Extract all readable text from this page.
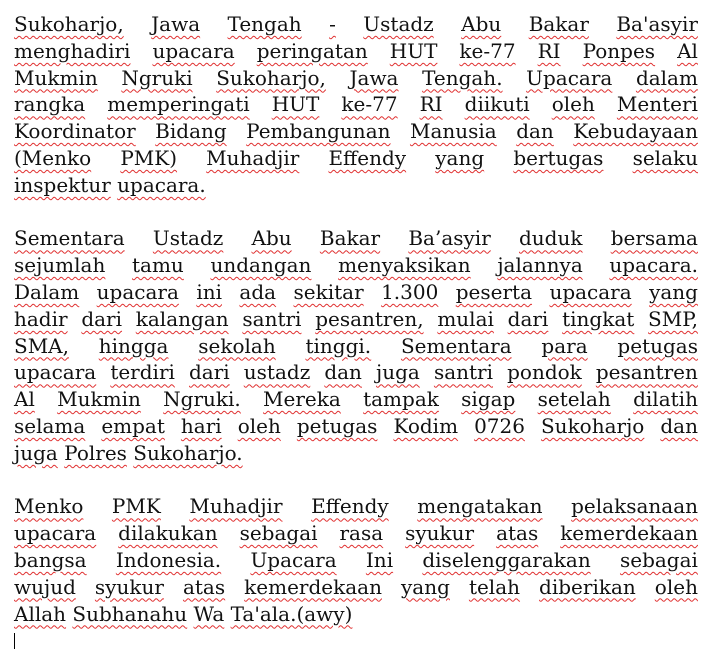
Sukoharjo, Jawa Tengah - Ustadz Abu Bakar Ba'asyir
menghadiri upacara peringatan HUT ke-77 RI Ponpes Al
Mukmin Ngruki Sukoharjo, Jawa Tengah. Upacara dalam
rangka memperingati HUT ke-77 RI diikuti oleh Menteri
Koordinator Bidang Pembangunan Manusia dan Kebudayaan
(Menko PMK) Muhadjir Effendy yang bertugas selaku
inspektur upacara.

Sementara Ustadz Abu Bakar Ba’asyir duduk bersama
sejumlah tamu undangan menyaksikan jalannya upacara.
Dalam upacara ini ada sekitar 1.300 peserta upacara yang
hadir dari kalangan santri pesantren, mulai dari tingkat SMP,
SMA, hingga sekolah tinggi. Sementara para petugas
upacara terdiri dari ustadz dan juga santri pondok pesantren
Al Mukmin Ngruki. Mereka tampak sigap setelah dilatih
selama empat hari oleh petugas Kodim 0726 Sukoharjo dan
juga Polres Sukoharjo.

Menko PMK Muhadjir Effendy mengatakan pelaksanaan
upacara dilakukan sebagai rasa syukur atas kemerdekaan
bangsa Indonesia. Upacara Ini diselenggarakan sebagai
wujud syukur atas kemerdekaan yang telah diberikan oleh
Allah Subhanahu Wa Ta'ala.(awy)
